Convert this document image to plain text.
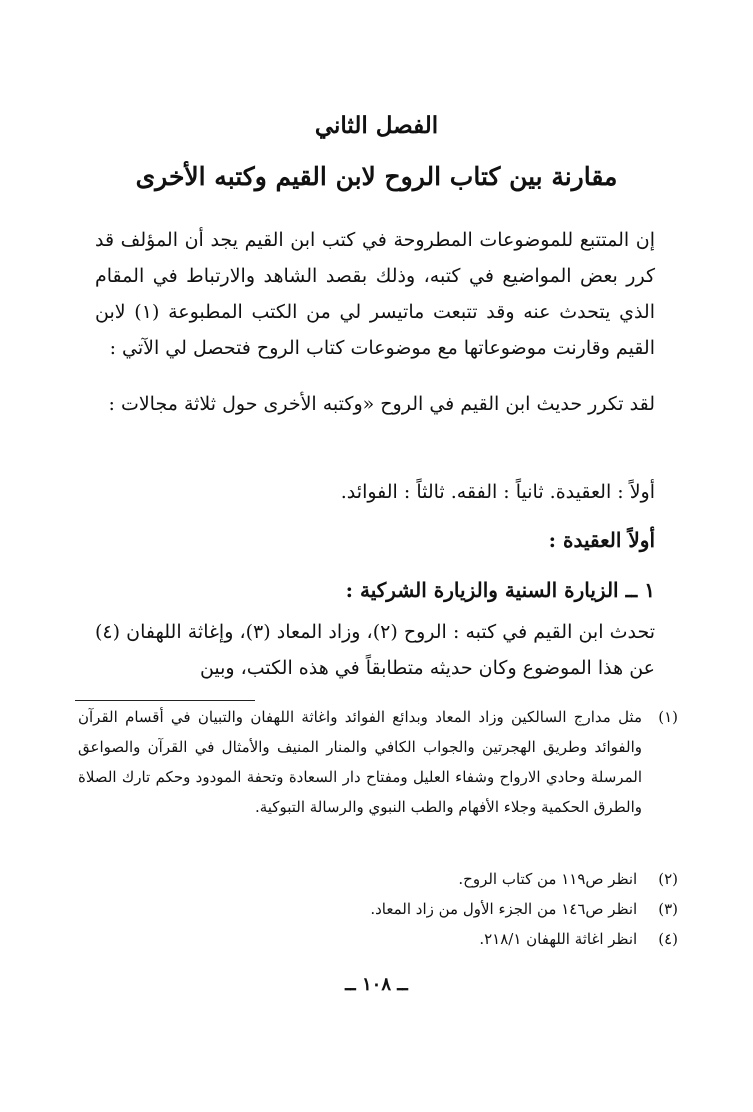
الفصل الثاني
مقارنة بين كتاب الروح لابن القيم وكتبه الأخرى
إن المتتبع للموضوعات المطروحة في كتب ابن القيم يجد أن المؤلف قد كرر بعض المواضيع في كتبه، وذلك بقصد الشاهد والارتباط في المقام الذي يتحدث عنه وقد تتبعت ماتيسر لي من الكتب المطبوعة (١) لابن القيم وقارنت موضوعاتها مع موضوعات كتاب الروح فتحصل لي الآتي :
لقد تكرر حديث ابن القيم في الروح «وكتبه الأخرى حول ثلاثة مجالات :
أولاً : العقيدة. ثانياً : الفقه. ثالثاً : الفوائد.
أولاً العقيدة :
١ ــ الزيارة السنية والزيارة الشركية :
تحدث ابن القيم في كتبه : الروح (٢)، وزاد المعاد (٣)، وإغاثة اللهفان (٤) عن هذا الموضوع وكان حديثه متطابقاً في هذه الكتب، وبين
(١)
مثل مدارج السالكين وزاد المعاد وبدائع الفوائد واغاثة اللهفان والتبيان في أقسام القرآن والفوائد وطريق الهجرتين والجواب الكافي والمنار المنيف والأمثال في القرآن والصواعق المرسلة وحادي الارواح وشفاء العليل ومفتاح دار السعادة وتحفة المودود وحكم تارك الصلاة والطرق الحكمية وجلاء الأفهام والطب النبوي والرسالة التبوكية.
(٢) انظر ص١١٩ من كتاب الروح.
(٣) انظر ص١٤٦ من الجزء الأول من زاد المعاد.
(٤) انظر اغاثة اللهفان ٢١٨/١.
ــ ١٠٨ ــ
